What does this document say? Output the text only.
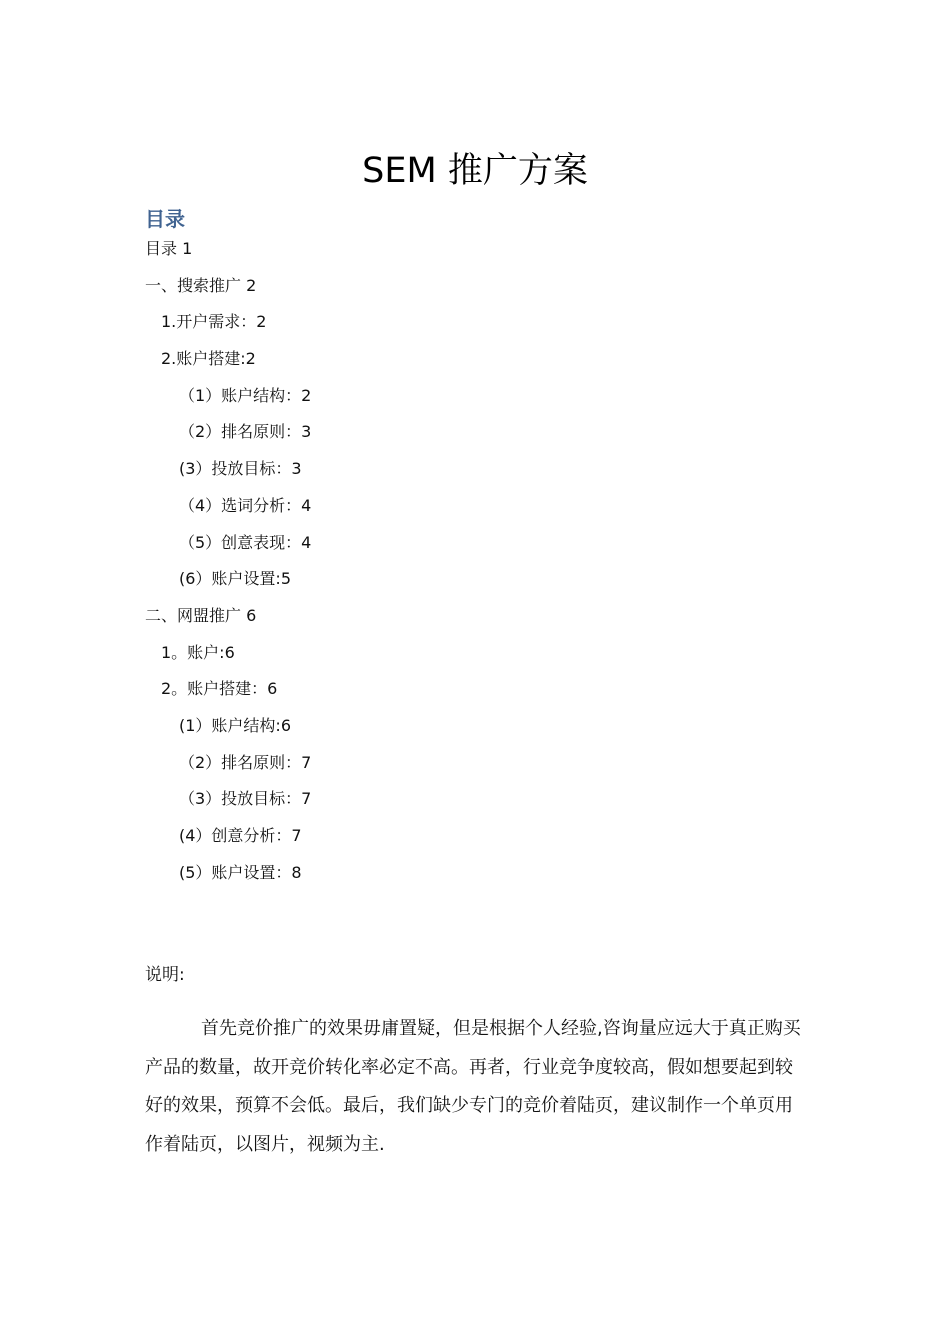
SEM 推广方案
目录
目录 1
一、搜索推广 2
1.开户需求：2
2.账户搭建:2
（1）账户结构：2
（2）排名原则：3
(3）投放目标：3
（4）选词分析：4
（5）创意表现：4
(6）账户设置:5
二、网盟推广 6
1。账户:6
2。账户搭建：6
(1）账户结构:6
（2）排名原则：7
（3）投放目标：7
(4）创意分析：7
(5）账户设置：8
说明:

首先竞价推广的效果毋庸置疑，但是根据个人经验,咨询量应远大于真正购买产品的数量，故开竞价转化率必定不高。再者，行业竞争度较高，假如想要起到较好的效果，预算不会低。最后，我们缺少专门的竞价着陆页，建议制作一个单页用作着陆页，以图片，视频为主.
